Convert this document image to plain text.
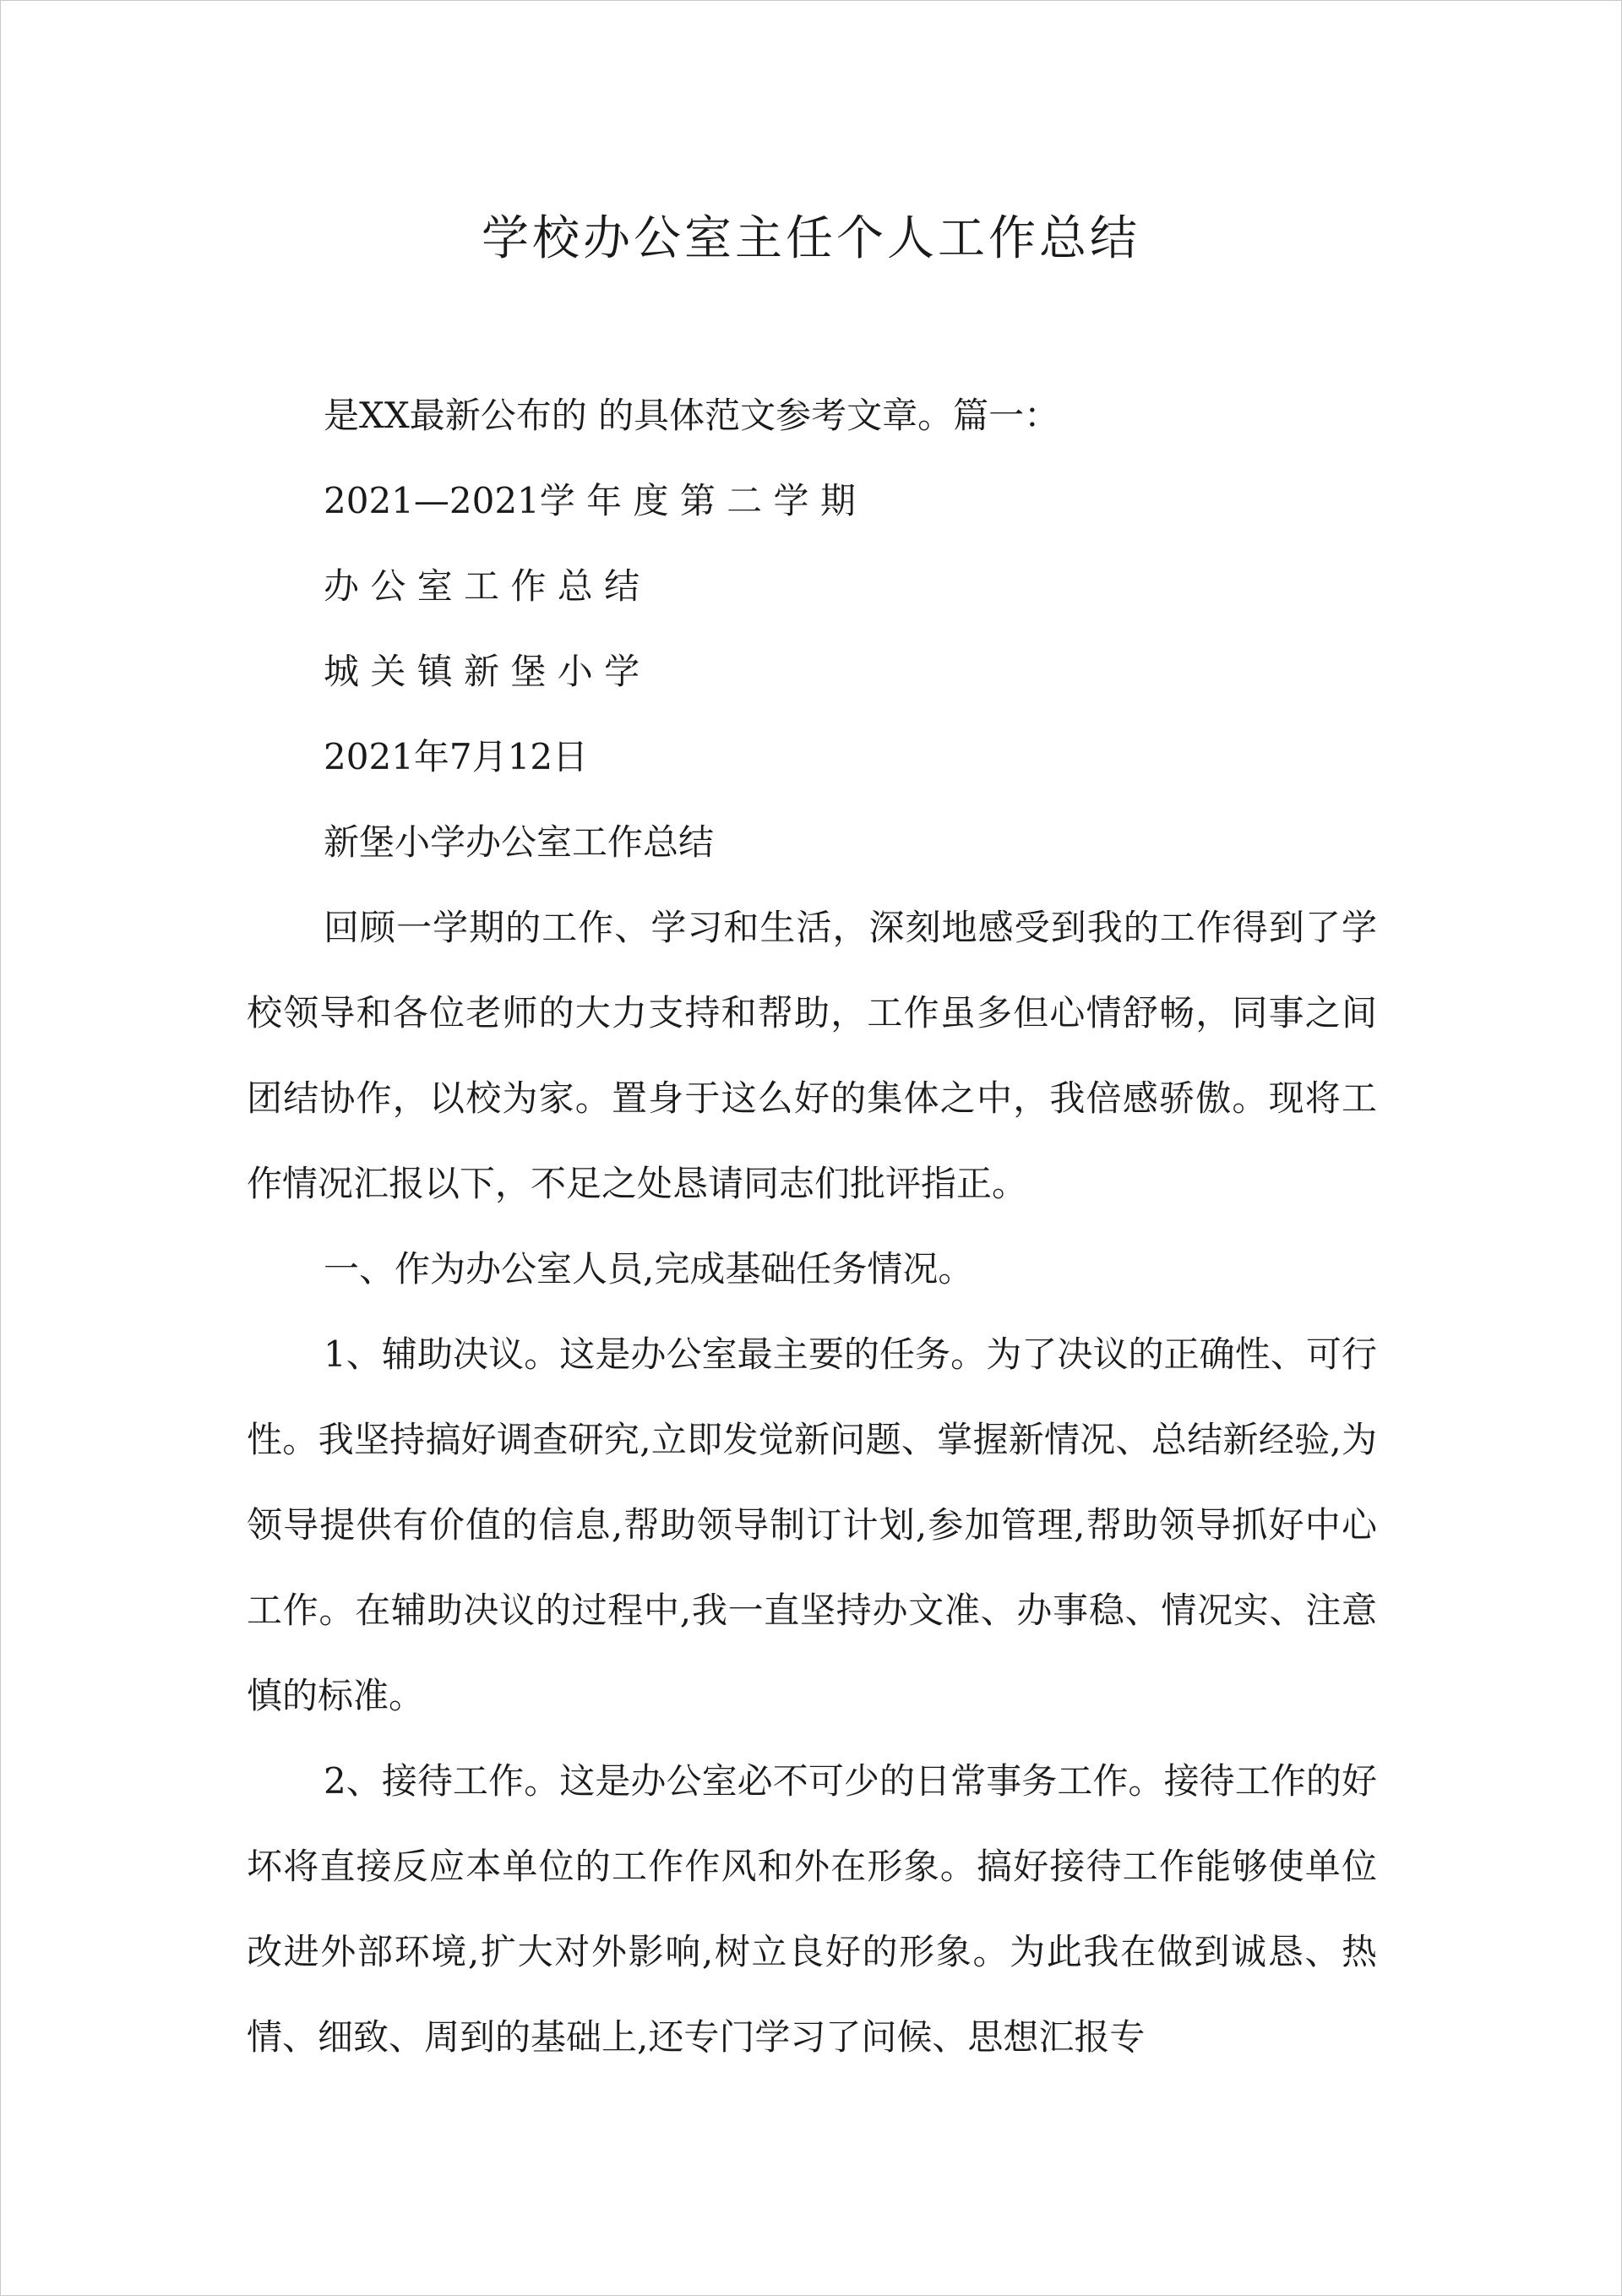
学校办公室主任个人工作总结

是XX最新公布的 的具体范文参考文章。篇一：

2021—2021学 年 度 第 二 学 期

办 公 室 工 作 总 结

城 关 镇 新 堡 小 学

2021年7月12日

新堡小学办公室工作总结

回顾一学期的工作、学习和生活，深刻地感受到我的工作得到了学校领导和各位老师的大力支持和帮助，工作虽多但心情舒畅，同事之间团结协作，以校为家。置身于这么好的集体之中，我倍感骄傲。现将工作情况汇报以下，不足之处恳请同志们批评指正。

一、作为办公室人员,完成基础任务情况。

1、辅助决议。这是办公室最主要的任务。为了决议的正确性、可行性。我坚持搞好调查研究,立即发觉新问题、掌握新情况、总结新经验,为领导提供有价值的信息,帮助领导制订计划,参加管理,帮助领导抓好中心工作。在辅助决议的过程中,我一直坚持办文准、办事稳、情况实、注意慎的标准。

2、接待工作。这是办公室必不可少的日常事务工作。接待工作的好坏将直接反应本单位的工作作风和外在形象。搞好接待工作能够使单位改进外部环境,扩大对外影响,树立良好的形象。为此我在做到诚恳、热情、细致、周到的基础上,还专门学习了问候、思想汇报专
